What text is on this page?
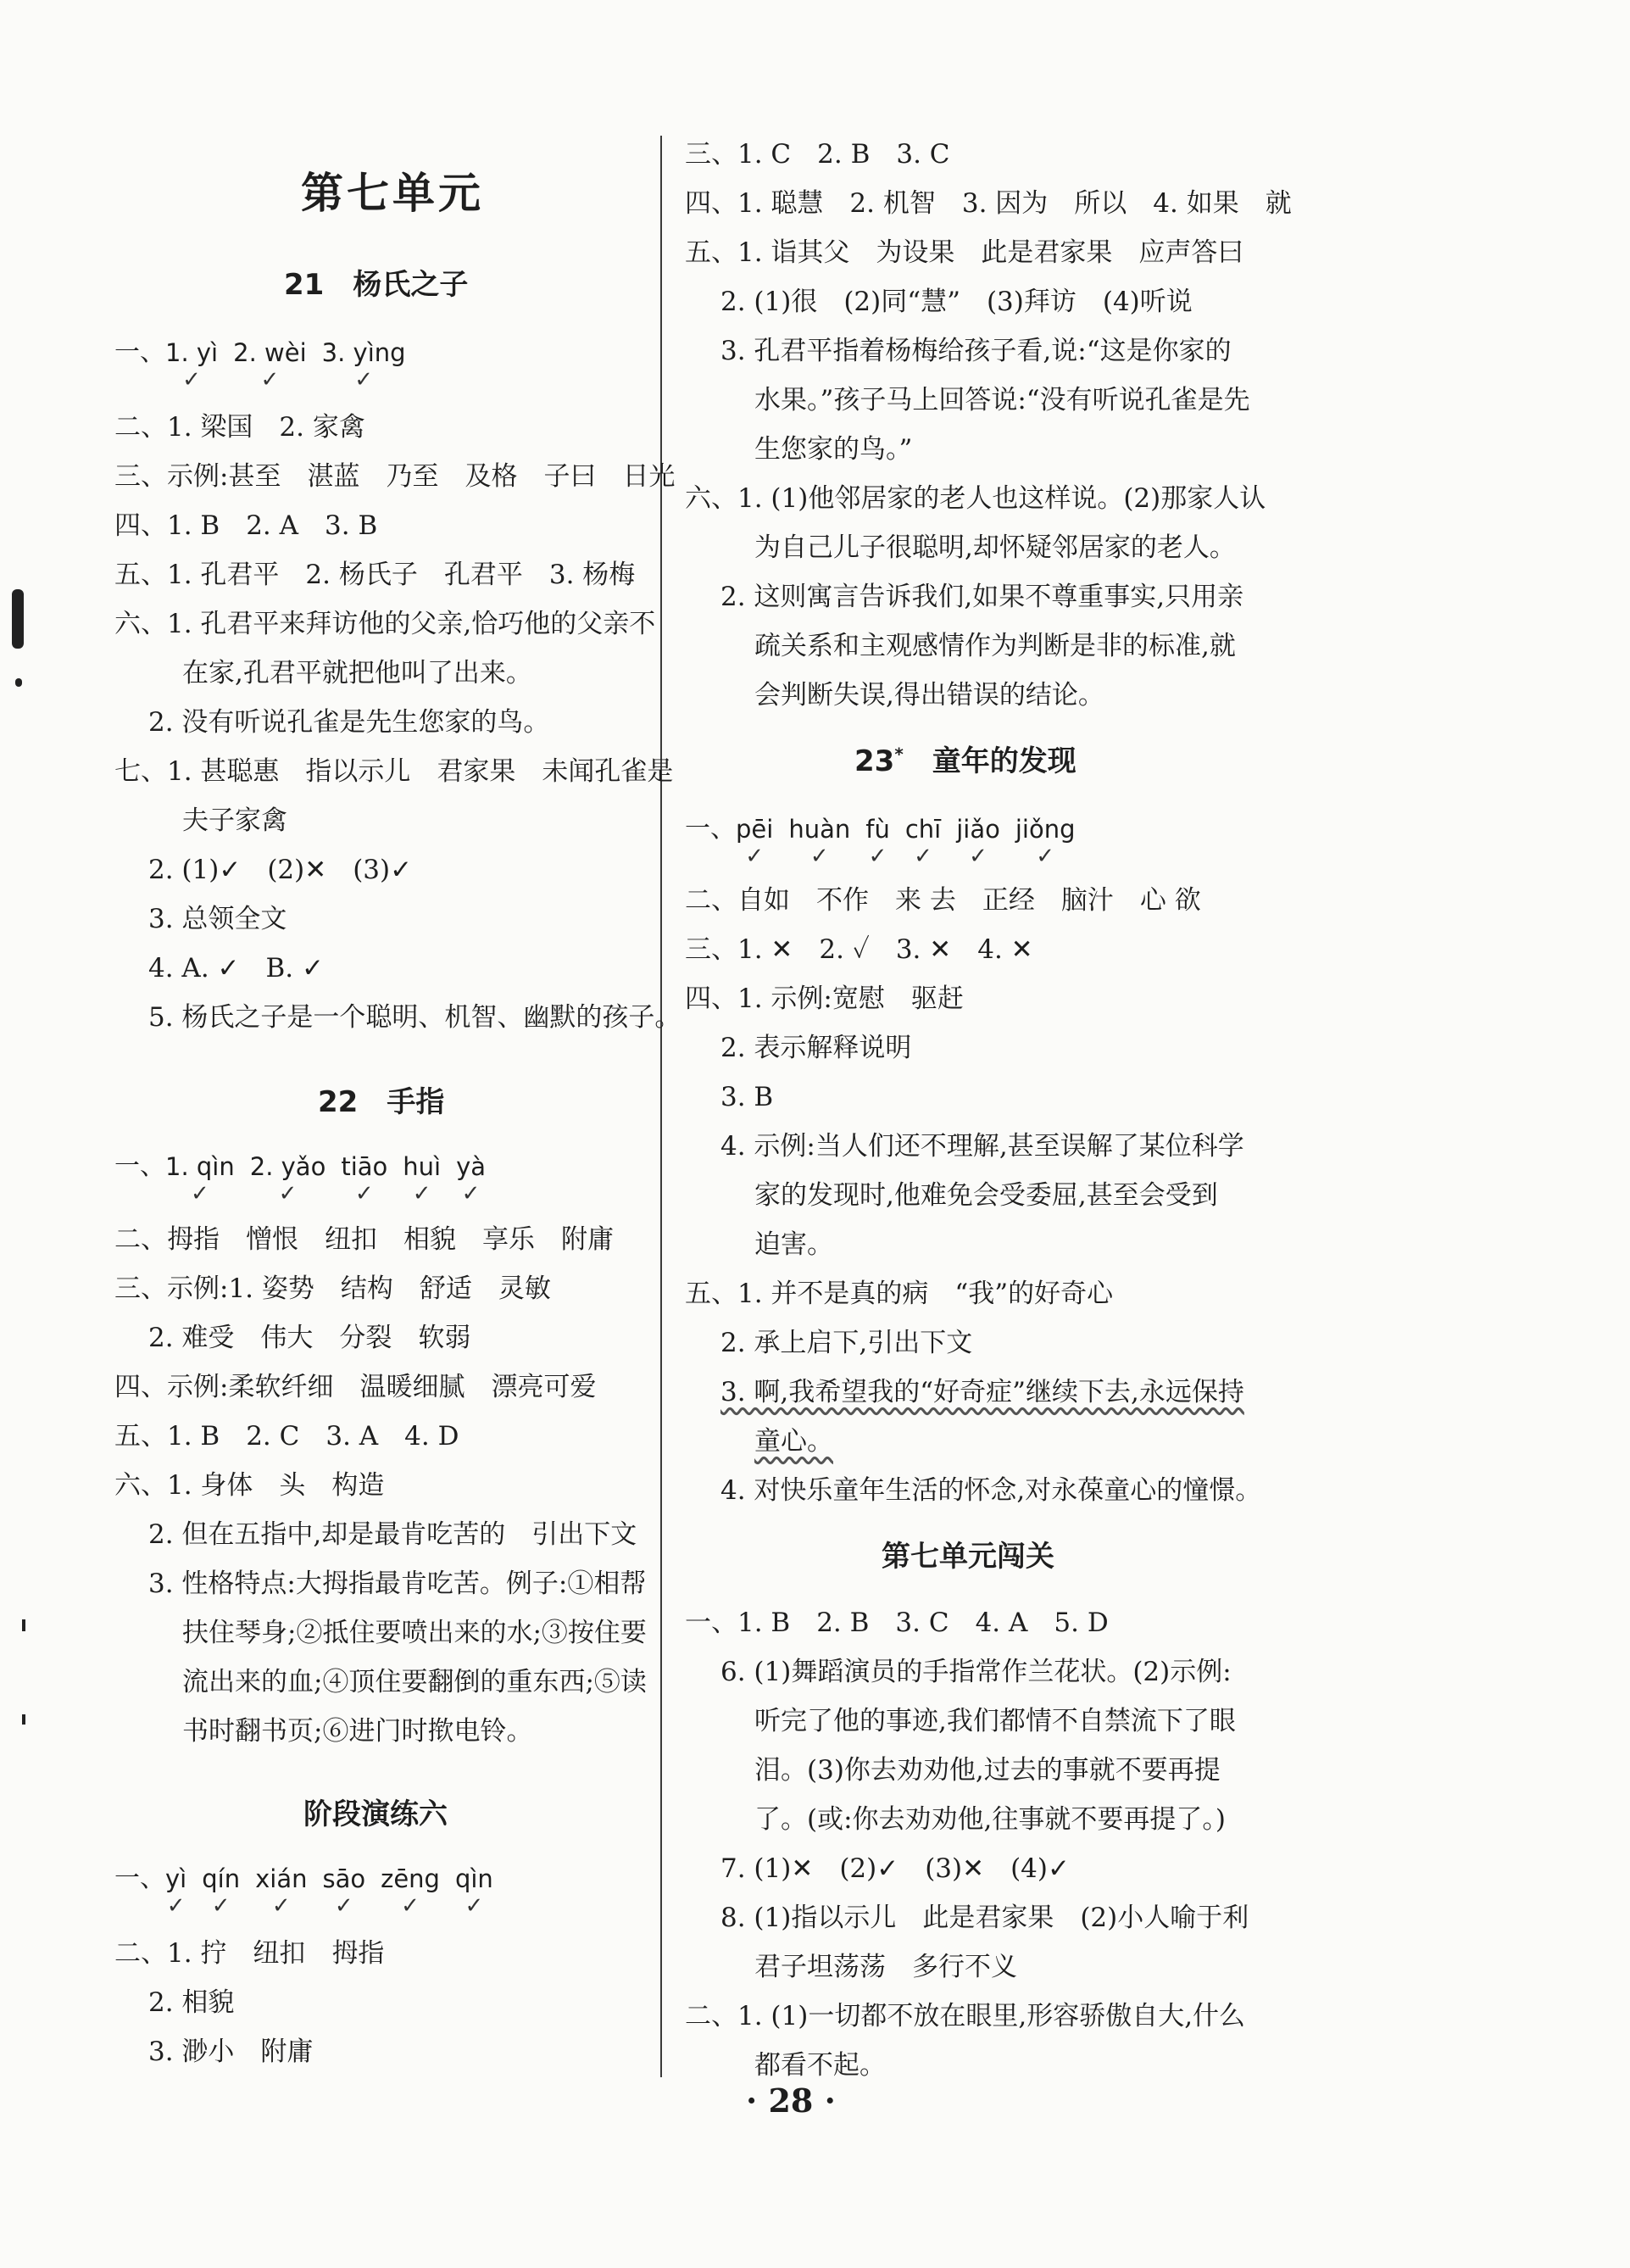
第七单元
21　杨氏之子
一、 1. yì
✓
2. wèi
✓
3. yìng
✓
二、1. 梁国　2. 家禽
三、示例:甚至　湛蓝　乃至　及格　子曰　日光
四、1. B　2. A　3. B
五、1. 孔君平　2. 杨氏子　孔君平　3. 杨梅
六、1. 孔君平来拜访他的父亲,恰巧他的父亲不
在家,孔君平就把他叫了出来。
2. 没有听说孔雀是先生您家的鸟。
七、1. 甚聪惠　指以示儿　君家果　未闻孔雀是
夫子家禽
2. (1)✓　(2)✕　(3)✓
3. 总领全文
4. A. ✓　B. ✓
5. 杨氏之子是一个聪明、机智、幽默的孩子。
22　手指
一、 1. qìn
✓
2. yǎo
✓
tiāo
✓
huì
✓
yà
✓
二、拇指　憎恨　纽扣　相貌　享乐　附庸
三、示例:1. 姿势　结构　舒适　灵敏
2. 难受　伟大　分裂　软弱
四、示例:柔软纤细　温暖细腻　漂亮可爱
五、1. B　2. C　3. A　4. D
六、1. 身体　头　构造
2. 但在五指中,却是最肯吃苦的　引出下文
3. 性格特点:大拇指最肯吃苦。例子:①相帮
扶住琴身;②抵住要喷出来的水;③按住要
流出来的血;④顶住要翻倒的重东西;⑤读
书时翻书页;⑥进门时揿电铃。
阶段演练六
一、 yì
✓
qín
✓
xián
✓
sāo
✓
zēng
✓
qìn
✓
二、1. 拧　纽扣　拇指
2. 相貌
3. 渺小　附庸
三、1. C　2. B　3. C
四、1. 聪慧　2. 机智　3. 因为　所以　4. 如果　就
五、1. 诣其父　为设果　此是君家果　应声答曰
2. (1)很　(2)同“慧”　(3)拜访　(4)听说
3. 孔君平指着杨梅给孩子看,说:“这是你家的
水果。”孩子马上回答说:“没有听说孔雀是先
生您家的鸟。”
六、1. (1)他邻居家的老人也这样说。(2)那家人认
为自己儿子很聪明,却怀疑邻居家的老人。
2. 这则寓言告诉我们,如果不尊重事实,只用亲
疏关系和主观感情作为判断是非的标准,就
会判断失误,得出错误的结论。
23*　 童年的发现
一、 pēi
✓
huàn
✓
fù
✓
chī
✓
jiǎo
✓
jiǒng
✓
二、自如　不作　来 去　正经　脑汁　心 欲
三、1. ✕　2. ✓　3. ✕　4. ✕
四、1. 示例:宽慰　驱赶
2. 表示解释说明
3. B
4. 示例:当人们还不理解,甚至误解了某位科学
家的发现时,他难免会受委屈,甚至会受到
迫害。
五、1. 并不是真的病　“我”的好奇心
2. 承上启下,引出下文
3. 啊,我希望我的“好奇症”继续下去,永远保持
童心。
4. 对快乐童年生活的怀念,对永葆童心的憧憬。
第七单元闯关
一、1. B　2. B　3. C　4. A　5. D
6. (1)舞蹈演员的手指常作兰花状。(2)示例:
听完了他的事迹,我们都情不自禁流下了眼
泪。(3)你去劝劝他,过去的事就不要再提
了。(或:你去劝劝他,往事就不要再提了。)
7. (1)✕　(2)✓　(3)✕　(4)✓
8. (1)指以示儿　此是君家果　(2)小人喻于利
君子坦荡荡　多行不义
二、1. (1)一切都不放在眼里,形容骄傲自大,什么
都看不起。
· 28 ·
